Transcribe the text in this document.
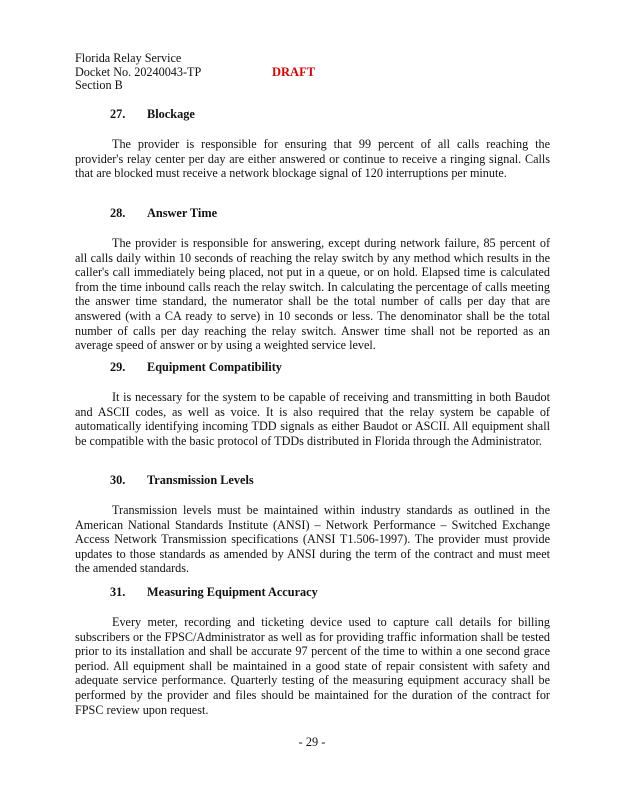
Florida Relay Service
Docket No. 20240043-TP
Section B
DRAFT
27. Blockage
The provider is responsible for ensuring that 99 percent of all calls reaching the provider's relay center per day are either answered or continue to receive a ringing signal. Calls that are blocked must receive a network blockage signal of 120 interruptions per minute.
28. Answer Time
The provider is responsible for answering, except during network failure, 85 percent of all calls daily within 10 seconds of reaching the relay switch by any method which results in the caller's call immediately being placed, not put in a queue, or on hold. Elapsed time is calculated from the time inbound calls reach the relay switch. In calculating the percentage of calls meeting the answer time standard, the numerator shall be the total number of calls per day that are answered (with a CA ready to serve) in 10 seconds or less. The denominator shall be the total number of calls per day reaching the relay switch. Answer time shall not be reported as an average speed of answer or by using a weighted service level.
29. Equipment Compatibility
It is necessary for the system to be capable of receiving and transmitting in both Baudot and ASCII codes, as well as voice. It is also required that the relay system be capable of automatically identifying incoming TDD signals as either Baudot or ASCII. All equipment shall be compatible with the basic protocol of TDDs distributed in Florida through the Administrator.
30. Transmission Levels
Transmission levels must be maintained within industry standards as outlined in the American National Standards Institute (ANSI) – Network Performance – Switched Exchange Access Network Transmission specifications (ANSI T1.506-1997). The provider must provide updates to those standards as amended by ANSI during the term of the contract and must meet the amended standards.
31. Measuring Equipment Accuracy
Every meter, recording and ticketing device used to capture call details for billing subscribers or the FPSC/Administrator as well as for providing traffic information shall be tested prior to its installation and shall be accurate 97 percent of the time to within a one second grace period. All equipment shall be maintained in a good state of repair consistent with safety and adequate service performance. Quarterly testing of the measuring equipment accuracy shall be performed by the provider and files should be maintained for the duration of the contract for FPSC review upon request.
- 29 -
